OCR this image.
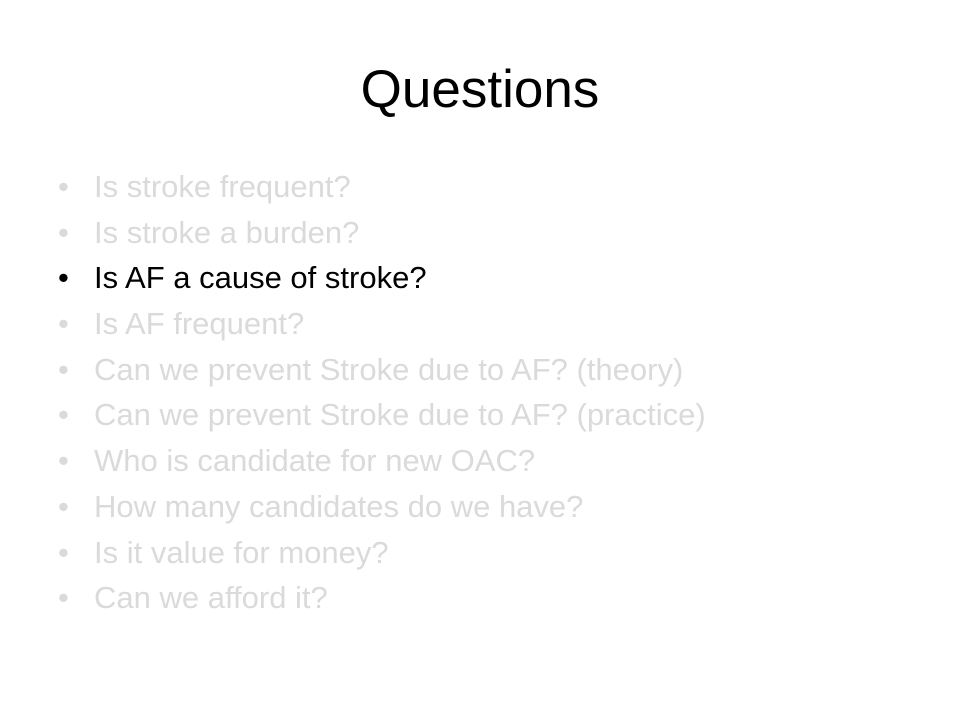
Questions
• Is stroke frequent?
• Is stroke a burden?
• Is AF a cause of stroke?
• Is AF frequent?
• Can we prevent Stroke due to AF? (theory)
• Can we prevent Stroke due to AF? (practice)
• Who is candidate for new OAC?
• How many candidates do we have?
• Is it value for money?
• Can we afford it?
